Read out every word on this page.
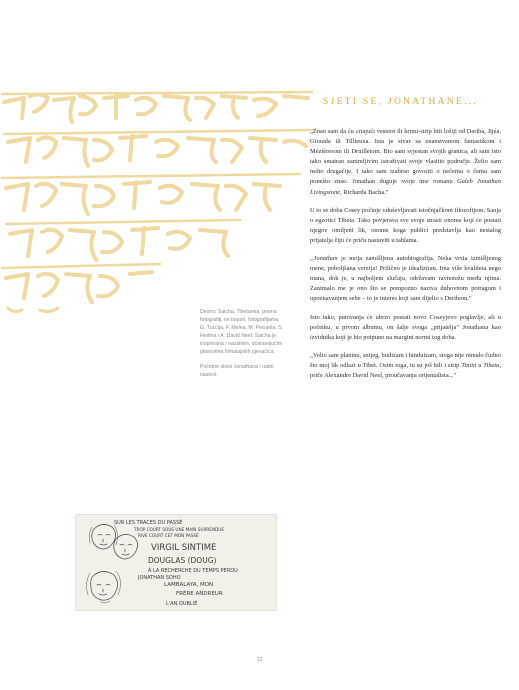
Desno: Saicha, Tibetanka, prema fotografiji, ne bojam, fotografijama G. Tuccija, F. Melea, M. Peissela, S. Hedina i A. David Neel. Saicha je inspirirana i nazalnim, očaravajućim glasovima himalajskih pjevačica.

Početne skice Jonathana i radni naslovi.

SUR LES TRACES DU PASSÉ
TROP COURT SOUS UNE MAIN SURRENDUE
RIVE COURT CET MON PASSÉ
VIRGIL SINTIME
DOUGLAS (DOUG)
À LA RECHERCHE DU TEMPS PERDU
JONATHAN SOHO
LAMBALAYA, MON
FRÈRE ANDREUR
L'AN OUBLIÉ
SJETI SE, JONATHANE...

„Znao sam da ću crtajući vestern ili krimi-strip biti lošiji od Deriba, Jijéa, Girauda ili Tillieuxa. Ista je stvar sa znanstvenom fantastikom i Mézièresom ili Druilletom. Bio sam svjestan svojih granica, ali sam isto tako smatrao zanimljivim istraživati svoje vlastito područje. Želio sam nešto drugačije. I tako sam izabrao govoriti o nečemu o čemu sam ponešto znao. Jonathan duguje svoje ime romanu Galeb Jonathan Livingstone, Richarda Bacha."

U to se doba Cosey počinje oduševljavati istočnjačkom filozofijom. Sanja o egzotici Tibeta. Tako povjerava sve svoje strasti onome koji će postati njegov omiljeni lik, onome koga publici predstavlja kao nestalog prijatelja čiju će priču nastaviti u tablama.

„Jonathan je moja zamišljena autobiografija. Neka vrsta izmišljenog mene, poboljšana verzija! Prilično je idealiziran. Ima više kvaliteta nego mana, dok je, u najboljem slučaju, održavam ravnotežu među njima. Zanimalo me je ono što se pompozno naziva duhovnom potragom i upoznavanjem sebe – to je interes koji sam dijelio s Deribom."

Isto tako, putovanja će ubrzo postati novo Coseyjevo poglavlje, ali u početku, u prvom albumu, on šalje svoga „prijatelja" Jonathana kao izvidnika koji je bio potpuno na margini normi tog doba.

„Volio sam planinu, snijeg, budizam i hinduizam, stoga nije nimalo čudno što moj lik odlazi u Tibet. Osim toga, tu su još bili i strip Tintin u Tibetu, priče Alexandre David Neel, proučavanja orijentalista..."

12
